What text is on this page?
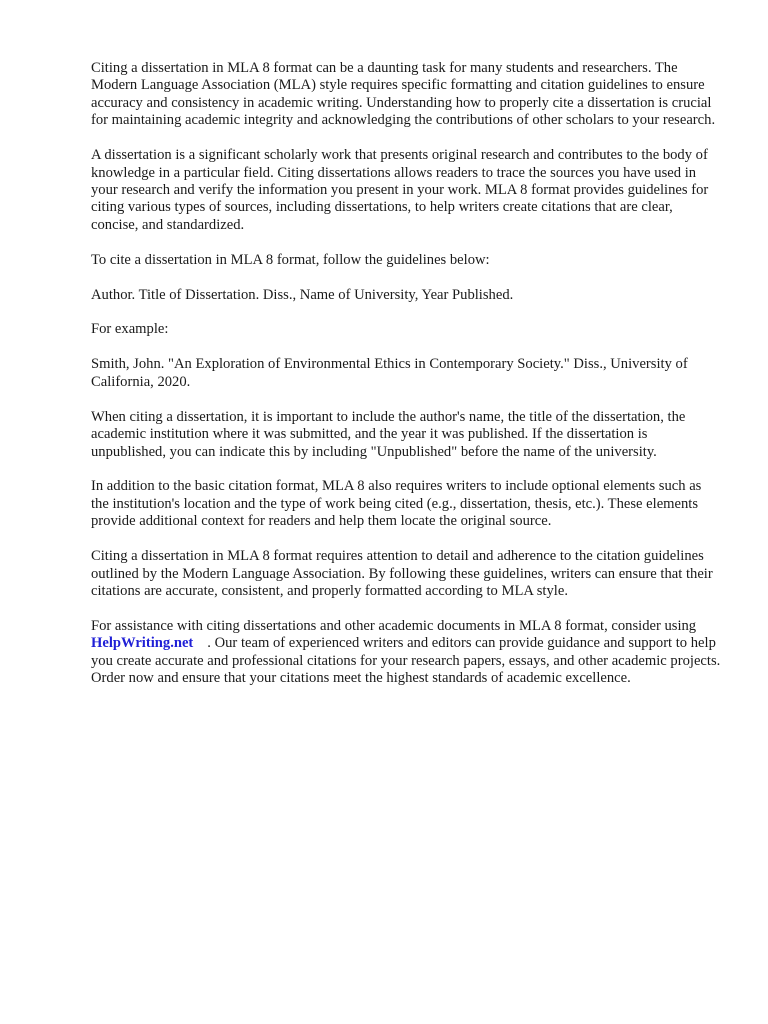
Citing a dissertation in MLA 8 format can be a daunting task for many students and researchers. The Modern Language Association (MLA) style requires specific formatting and citation guidelines to ensure accuracy and consistency in academic writing. Understanding how to properly cite a dissertation is crucial for maintaining academic integrity and acknowledging the contributions of other scholars to your research.

A dissertation is a significant scholarly work that presents original research and contributes to the body of knowledge in a particular field. Citing dissertations allows readers to trace the sources you have used in your research and verify the information you present in your work. MLA 8 format provides guidelines for citing various types of sources, including dissertations, to help writers create citations that are clear, concise, and standardized.

To cite a dissertation in MLA 8 format, follow the guidelines below:

Author. Title of Dissertation. Diss., Name of University, Year Published.

For example:

Smith, John. "An Exploration of Environmental Ethics in Contemporary Society." Diss., University of California, 2020.

When citing a dissertation, it is important to include the author's name, the title of the dissertation, the academic institution where it was submitted, and the year it was published. If the dissertation is unpublished, you can indicate this by including "Unpublished" before the name of the university.

In addition to the basic citation format, MLA 8 also requires writers to include optional elements such as the institution's location and the type of work being cited (e.g., dissertation, thesis, etc.). These elements provide additional context for readers and help them locate the original source.

Citing a dissertation in MLA 8 format requires attention to detail and adherence to the citation guidelines outlined by the Modern Language Association. By following these guidelines, writers can ensure that their citations are accurate, consistent, and properly formatted according to MLA style.

For assistance with citing dissertations and other academic documents in MLA 8 format, consider usingHelpWriting.net . Our team of experienced writers and editors can provide guidance and support to help you create accurate and professional citations for your research papers, essays, and other academic projects. Order now and ensure that your citations meet the highest standards of academic excellence.
